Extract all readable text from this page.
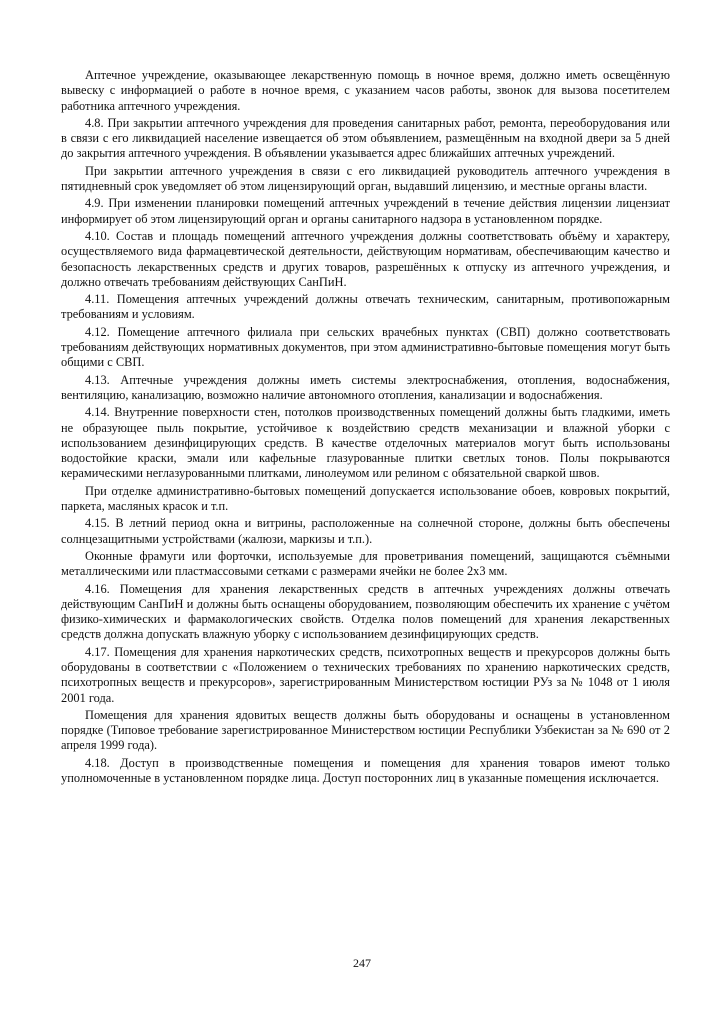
Аптечное учреждение, оказывающее лекарственную помощь в ночное время, должно иметь освещённую вывеску с информацией о работе в ночное время, с указанием часов работы, звонок для вызова посетителем работника аптечного учреждения.

4.8. При закрытии аптечного учреждения для проведения санитарных работ, ремонта, переоборудования или в связи с его ликвидацией население извещается об этом объявлением, размещённым на входной двери за 5 дней до закрытия аптечного учреждения. В объявлении указывается адрес ближайших аптечных учреждений.

При закрытии аптечного учреждения в связи с его ликвидацией руководитель аптечного учреждения в пятидневный срок уведомляет об этом лицензирующий орган, выдавший лицензию, и местные органы власти.

4.9. При изменении планировки помещений аптечных учреждений в течение действия лицензии лицензиат информирует об этом лицензирующий орган и органы санитарного надзора в установленном порядке.

4.10. Состав и площадь помещений аптечного учреждения должны соответствовать объёму и характеру, осуществляемого вида фармацевтической деятельности, действующим нормативам, обеспечивающим качество и безопасность лекарственных средств и других товаров, разрешённых к отпуску из аптечного учреждения, и должно отвечать требованиям действующих СанПиН.

4.11. Помещения аптечных учреждений должны отвечать техническим, санитарным, противопожарным требованиям и условиям.

4.12. Помещение аптечного филиала при сельских врачебных пунктах (СВП) должно соответствовать требованиям действующих нормативных документов, при этом административно-бытовые помещения могут быть общими с СВП.

4.13. Аптечные учреждения должны иметь системы электроснабжения, отопления, водоснабжения, вентиляцию, канализацию, возможно наличие автономного отопления, канализации и водоснабжения.

4.14. Внутренние поверхности стен, потолков производственных помещений должны быть гладкими, иметь не образующее пыль покрытие, устойчивое к воздействию средств механизации и влажной уборки с использованием дезинфицирующих средств. В качестве отделочных материалов могут быть использованы водостойкие краски, эмали или кафельные глазурованные плитки светлых тонов. Полы покрываются керамическими неглазурованными плитками, линолеумом или релином с обязательной сваркой швов.

При отделке административно-бытовых помещений допускается использование обоев, ковровых покрытий, паркета, масляных красок и т.п.

4.15. В летний период окна и витрины, расположенные на солнечной стороне, должны быть обеспечены солнцезащитными устройствами (жалюзи, маркизы и т.п.).

Оконные фрамуги или форточки, используемые для проветривания помещений, защищаются съёмными металлическими или пластмассовыми сетками с размерами ячейки не более 2х3 мм.

4.16. Помещения для хранения лекарственных средств в аптечных учреждениях должны отвечать действующим СанПиН и должны быть оснащены оборудованием, позволяющим обеспечить их хранение с учётом физико-химических и фармакологических свойств. Отделка полов помещений для хранения лекарственных средств должна допускать влажную уборку с использованием дезинфицирующих средств.

4.17. Помещения для хранения наркотических средств, психотропных веществ и прекурсоров должны быть оборудованы в соответствии с «Положением о технических требованиях по хранению наркотических средств, психотропных веществ и прекурсоров», зарегистрированным Министерством юстиции РУз за № 1048 от 1 июля 2001 года.

Помещения для хранения ядовитых веществ должны быть оборудованы и оснащены в установленном порядке (Типовое требование зарегистрированное Министерством юстиции Республики Узбекистан за № 690 от 2 апреля 1999 года).

4.18. Доступ в производственные помещения и помещения для хранения товаров имеют только уполномоченные в установленном порядке лица. Доступ посторонних лиц в указанные помещения исключается.

247
